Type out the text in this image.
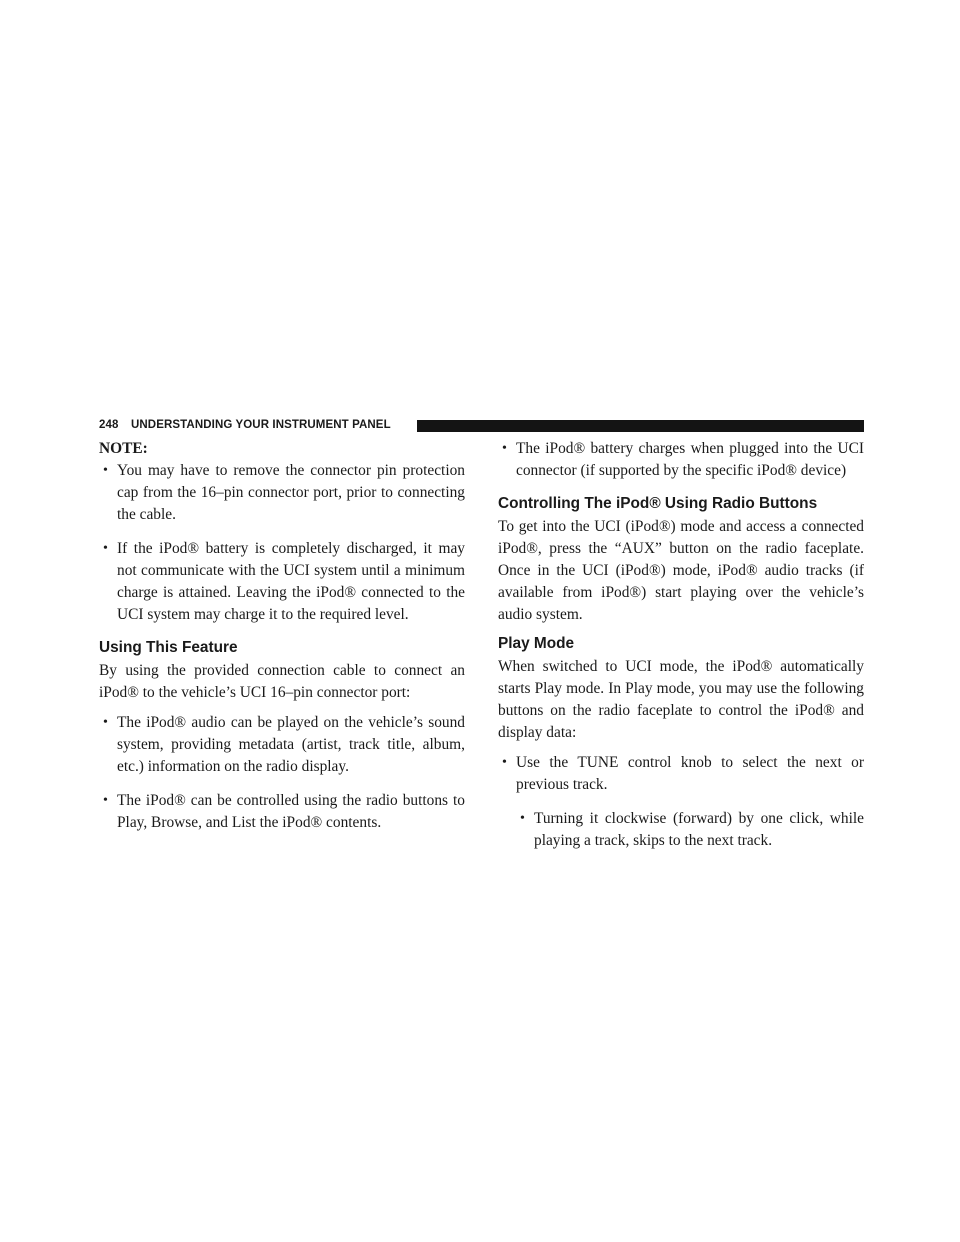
248 UNDERSTANDING YOUR INSTRUMENT PANEL

NOTE:

• You may have to remove the connector pin protection cap from the 16–pin connector port, prior to connecting the cable.
• If the iPod® battery is completely discharged, it may not communicate with the UCI system until a minimum charge is attained. Leaving the iPod® connected to the UCI system may charge it to the required level.
Using This Feature

By using the provided connection cable to connect an iPod® to the vehicle’s UCI 16–pin connector port:

• The iPod® audio can be played on the vehicle’s sound system, providing metadata (artist, track title, album, etc.) information on the radio display.
• The iPod® can be controlled using the radio buttons to Play, Browse, and List the iPod® contents.
• The iPod® battery charges when plugged into the UCI connector (if supported by the specific iPod® device)
Controlling The iPod® Using Radio Buttons

To get into the UCI (iPod®) mode and access a connected iPod®, press the “AUX” button on the radio faceplate. Once in the UCI (iPod®) mode, iPod® audio tracks (if available from iPod®) start playing over the vehicle’s audio system.

Play Mode

When switched to UCI mode, the iPod® automatically starts Play mode. In Play mode, you may use the following buttons on the radio faceplate to control the iPod® and display data:

• Use the TUNE control knob to select the next or previous track.
• Turning it clockwise (forward) by one click, while playing a track, skips to the next track.
